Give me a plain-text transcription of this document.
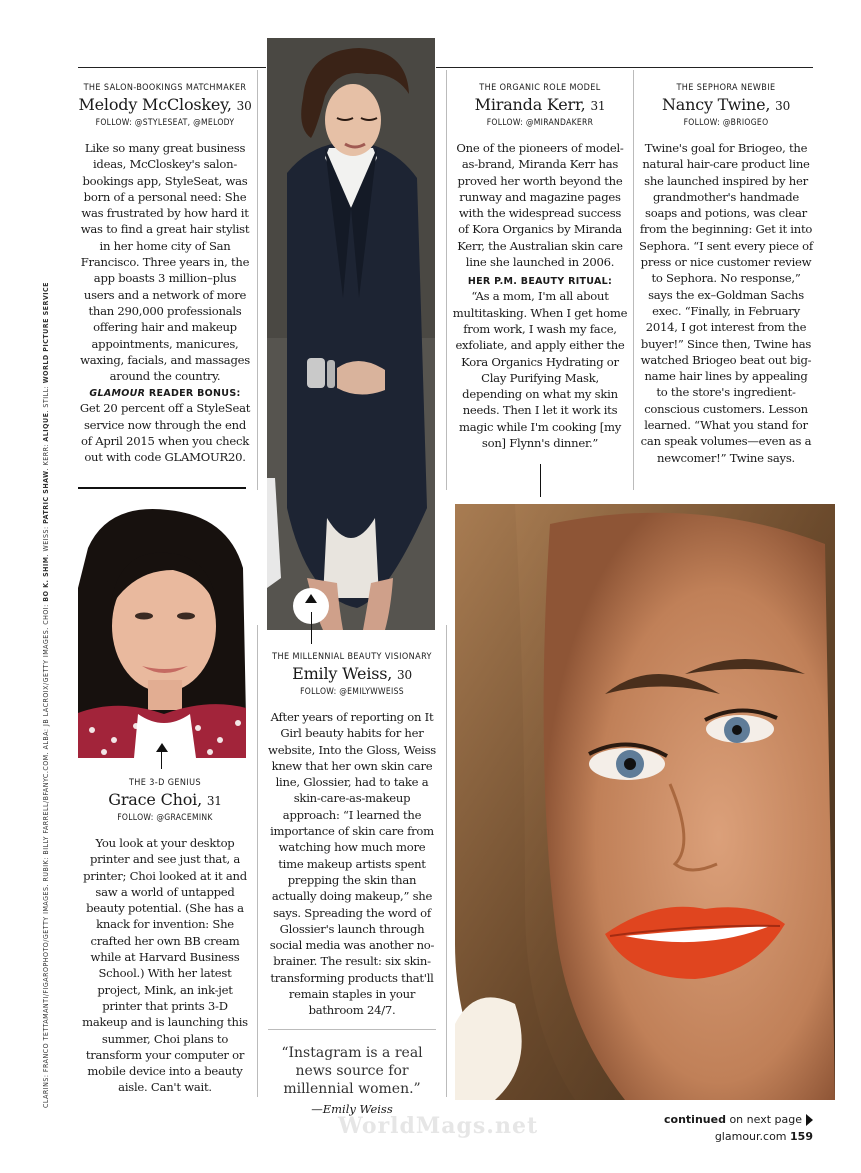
CLARINS: FRANCO TETTAMANTI/FIGAROPHOTO/GETTY IMAGES. RUBIK: BILLY FARRELL/BFANYC.COM. ALBA: JB LACROIX/GETTY IMAGES. CHOI: BO K. SHIM. WEISS: PATRIC SHAW. KERR: ALIQUE. STILL: WORLD PICTURE SERVICE
THE SALON-BOOKINGS MATCHMAKER
Melody McCloskey, 30
FOLLOW: @STYLESEAT, @MELODY
Like so many great business ideas, McCloskey's salon-bookings app, StyleSeat, was born of a personal need: She was frustrated by how hard it was to find a great hair stylist in her home city of San Francisco. Three years in, the app boasts 3 million–plus users and a network of more than 290,000 professionals offering hair and makeup appointments, manicures, waxing, facials, and massages around the country.
GLAMOUR READER BONUS:
Get 20 percent off a StyleSeat service now through the end of April 2015 when you check out with code GLAMOUR20.
THE 3-D GENIUS
Grace Choi, 31
FOLLOW: @GRACEMINK
You look at your desktop printer and see just that, a printer; Choi looked at it and saw a world of untapped beauty potential. (She has a knack for invention: She crafted her own BB cream while at Harvard Business School.) With her latest project, Mink, an ink-jet printer that prints 3-D makeup and is launching this summer, Choi plans to transform your computer or mobile device into a beauty aisle. Can't wait.
THE MILLENNIAL BEAUTY VISIONARY
Emily Weiss, 30
FOLLOW: @EMILYWWEISS
After years of reporting on It Girl beauty habits for her website, Into the Gloss, Weiss knew that her own skin care line, Glossier, had to take a skin-care-as-makeup approach: “I learned the importance of skin care from watching how much more time makeup artists spent prepping the skin than actually doing makeup,” she says. Spreading the word of Glossier's launch through social media was another no-brainer. The result: six skin-transforming products that'll remain staples in your bathroom 24/7.
“Instagram is a real news source for millennial women.”
—Emily Weiss
THE ORGANIC ROLE MODEL
Miranda Kerr, 31
FOLLOW: @MIRANDAKERR
One of the pioneers of model-as-brand, Miranda Kerr has proved her worth beyond the runway and magazine pages with the widespread success of Kora Organics by Miranda Kerr, the Australian skin care line she launched in 2006.
HER P.M. BEAUTY RITUAL:
“As a mom, I'm all about multitasking. When I get home from work, I wash my face, exfoliate, and apply either the Kora Organics Hydrating or Clay Purifying Mask, depending on what my skin needs. Then I let it work its magic while I'm cooking [my son] Flynn's dinner.”
THE SEPHORA NEWBIE
Nancy Twine, 30
FOLLOW: @BRIOGEO
Twine's goal for Briogeo, the natural hair-care product line she launched inspired by her grandmother's handmade soaps and potions, was clear from the beginning: Get it into Sephora. “I sent every piece of press or nice customer review to Sephora. No response,” says the ex–Goldman Sachs exec. “Finally, in February 2014, I got interest from the buyer!” Since then, Twine has watched Briogeo beat out big-name hair lines by appealing to the store's ingredient-conscious customers. Lesson learned. “What you stand for can speak volumes—even as a newcomer!” Twine says.
WorldMags.net	continued on next page
glamour.com 159
